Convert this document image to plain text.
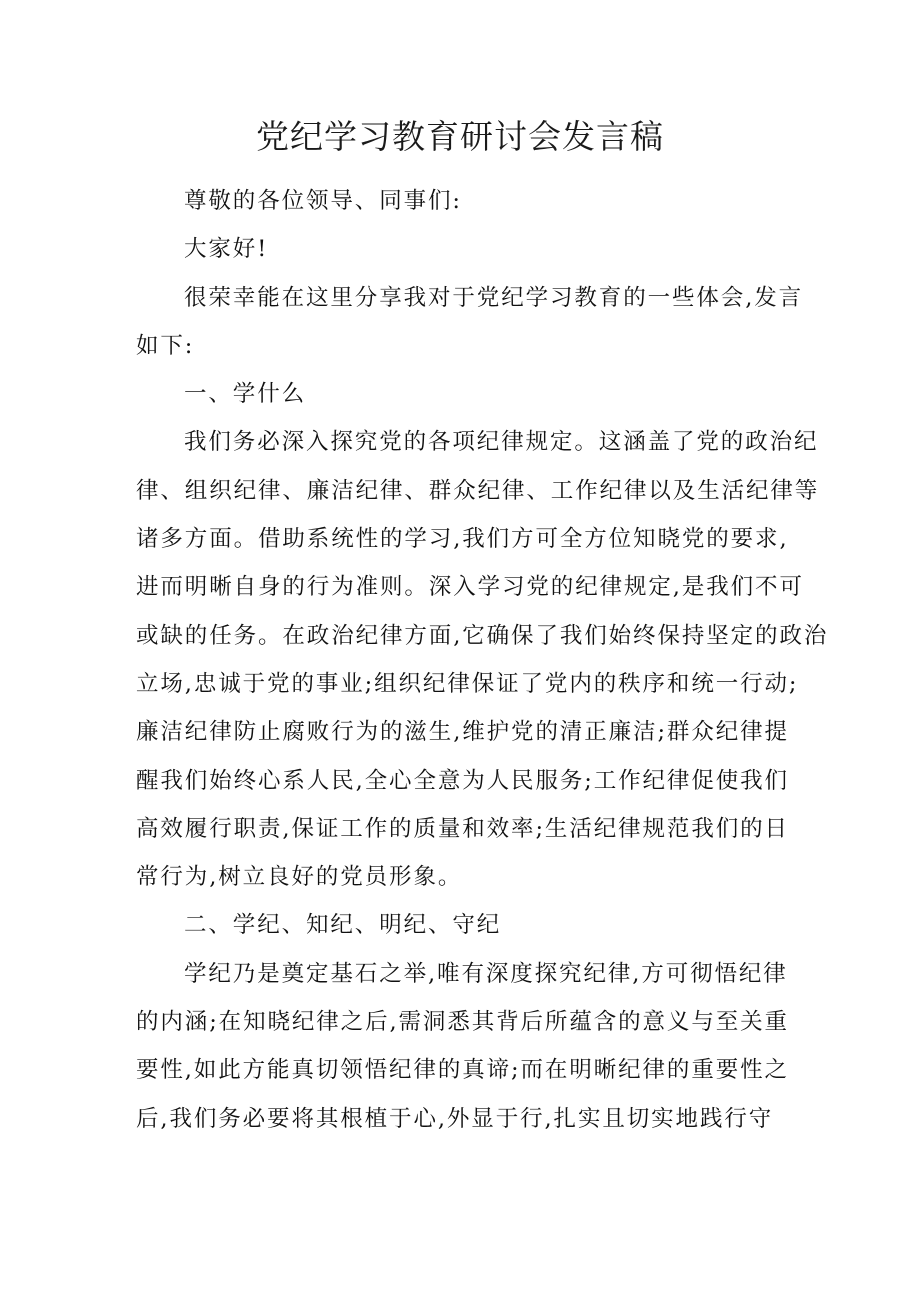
党纪学习教育研讨会发言稿
尊敬的各位领导、同事们:
大家好!
很荣幸能在这里分享我对于党纪学习教育的一些体会,发言
如下:
一、学什么
我们务必深入探究党的各项纪律规定。这涵盖了党的政治纪
律、组织纪律、廉洁纪律、群众纪律、工作纪律以及生活纪律等
诸多方面。借助系统性的学习,我们方可全方位知晓党的要求,
进而明晰自身的行为准则。深入学习党的纪律规定,是我们不可
或缺的任务。在政治纪律方面,它确保了我们始终保持坚定的政治
立场,忠诚于党的事业;组织纪律保证了党内的秩序和统一行动;
廉洁纪律防止腐败行为的滋生,维护党的清正廉洁;群众纪律提
醒我们始终心系人民,全心全意为人民服务;工作纪律促使我们
高效履行职责,保证工作的质量和效率;生活纪律规范我们的日
常行为,树立良好的党员形象。
二、学纪、知纪、明纪、守纪
学纪乃是奠定基石之举,唯有深度探究纪律,方可彻悟纪律
的内涵;在知晓纪律之后,需洞悉其背后所蕴含的意义与至关重
要性,如此方能真切领悟纪律的真谛;而在明晰纪律的重要性之
后,我们务必要将其根植于心,外显于行,扎实且切实地践行守
